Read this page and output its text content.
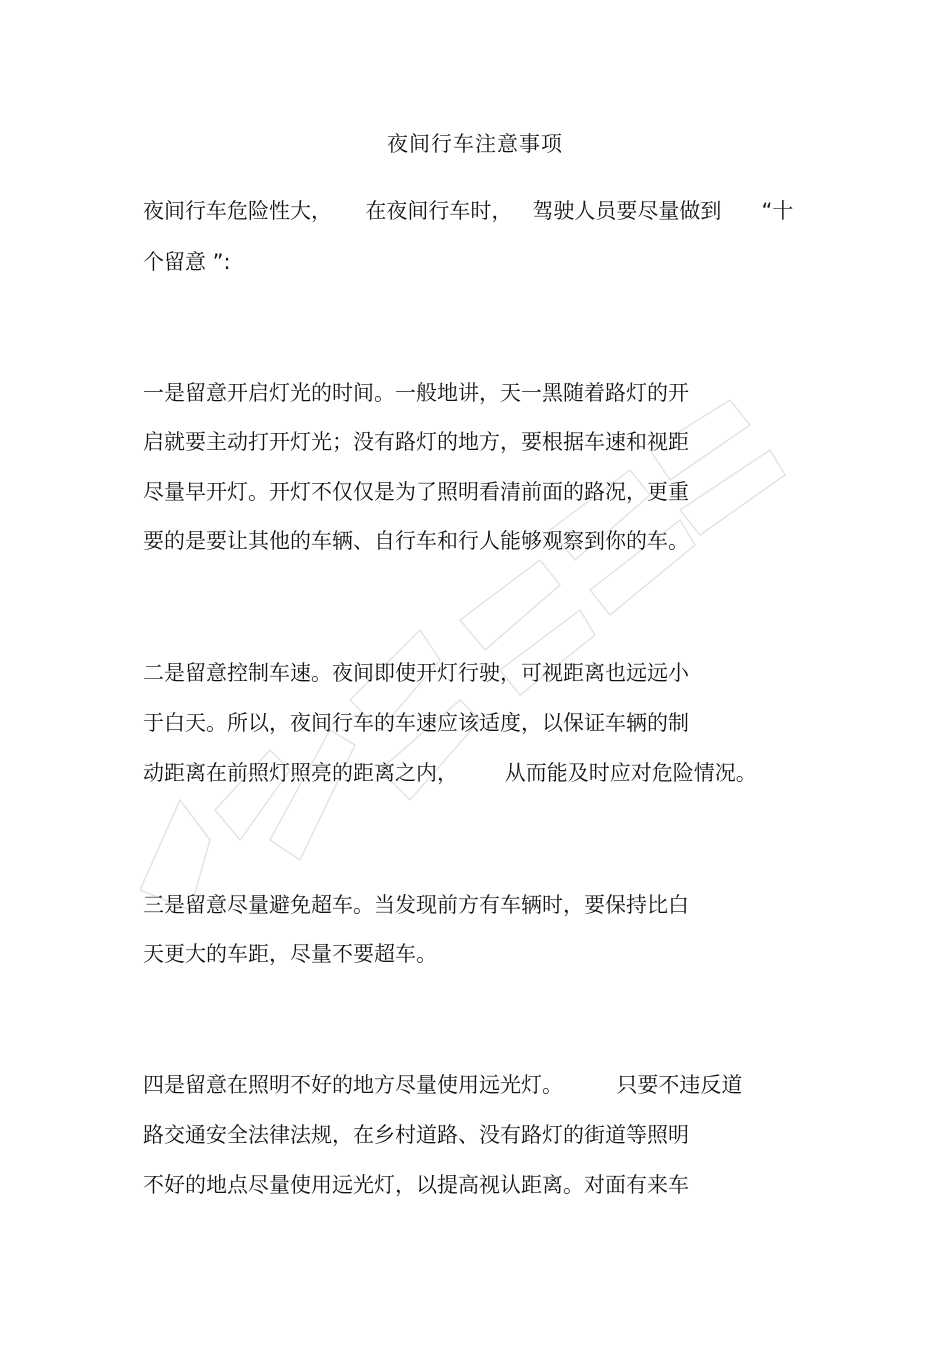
夜间行车注意事项
夜间行车危险性大，     在夜间行车时，   驾驶人员要尽量做到      “十
个留意 ”:
一是留意开启灯光的时间。一般地讲，天一黑随着路灯的开
启就要主动打开灯光；没有路灯的地方，要根据车速和视距
尽量早开灯。开灯不仅仅是为了照明看清前面的路况，更重
要的是要让其他的车辆、自行车和行人能够观察到你的车。
二是留意控制车速。夜间即使开灯行驶，可视距离也远远小
于白天。所以，夜间行车的车速应该适度，以保证车辆的制
动距离在前照灯照亮的距离之内，       从而能及时应对危险情况。
三是留意尽量避免超车。当发现前方有车辆时，要保持比白
天更大的车距，尽量不要超车。
四是留意在照明不好的地方尽量使用远光灯。        只要不违反道
路交通安全法律法规，在乡村道路、没有路灯的街道等照明
不好的地点尽量使用远光灯，以提高视认距离。对面有来车
